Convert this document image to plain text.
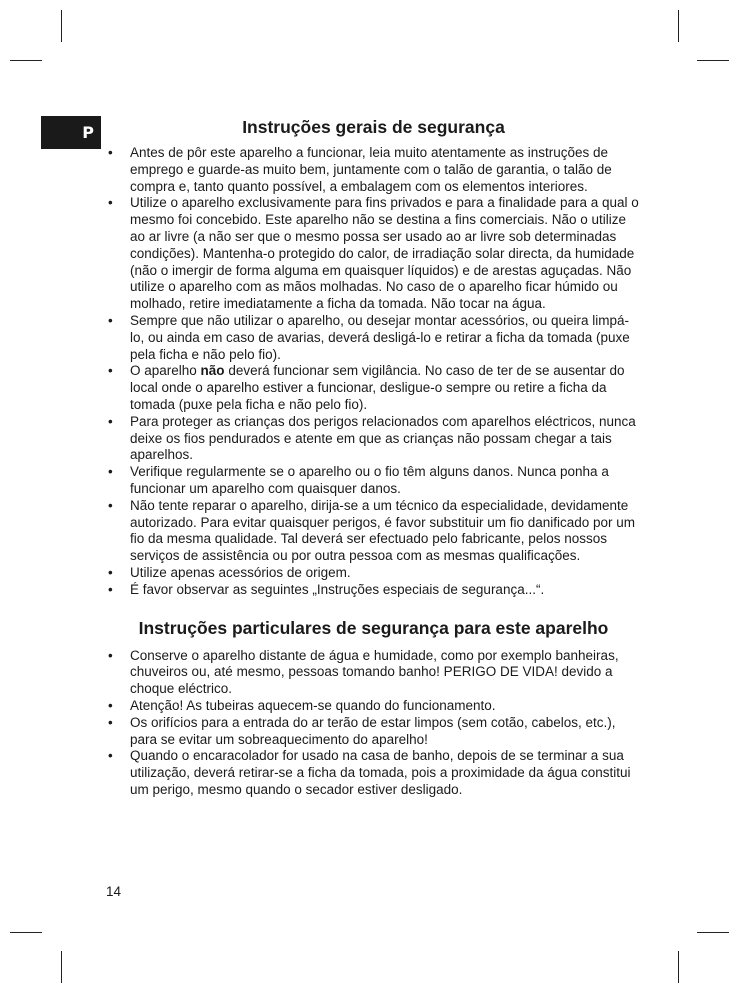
P	Instruções gerais de segurança
• Antes de pôr este aparelho a funcionar, leia muito atentamente as instruções de emprego e guarde-as muito bem, juntamente com o talão de garantia, o talão de compra e, tanto quanto possível, a embalagem com os elementos interiores.
• Utilize o aparelho exclusivamente para fins privados e para a finalidade para a qual o mesmo foi concebido. Este aparelho não se destina a fins comerciais. Não o utilize ao ar livre (a não ser que o mesmo possa ser usado ao ar livre sob determinadas condições). Mantenha-o protegido do calor, de irradiação solar directa, da humidade (não o imergir de forma alguma em quaisquer líquidos) e de arestas aguçadas. Não utilize o aparelho com as mãos molhadas. No caso de o aparelho ficar húmido ou molhado, retire imediatamente a ficha da tomada. Não tocar na água.
• Sempre que não utilizar o aparelho, ou desejar montar acessórios, ou queira limpá-lo, ou ainda em caso de avarias, deverá desligá-lo e retirar a ficha da tomada (puxe pela ficha e não pelo fio).
• O aparelho não deverá funcionar sem vigilância. No caso de ter de se ausentar do local onde o aparelho estiver a funcionar, desligue-o sempre ou retire a ficha da tomada (puxe pela ficha e não pelo fio).
• Para proteger as crianças dos perigos relacionados com aparelhos eléctricos, nunca deixe os fios pendurados e atente em que as crianças não possam chegar a tais aparelhos.
• Verifique regularmente se o aparelho ou o fio têm alguns danos. Nunca ponha a funcionar um aparelho com quaisquer danos.
• Não tente reparar o aparelho, dirija-se a um técnico da especialidade, devidamente autorizado. Para evitar quaisquer perigos, é favor substituir um fio danificado por um fio da mesma qualidade. Tal deverá ser efectuado pelo fabricante, pelos nossos serviços de assistência ou por outra pessoa com as mesmas qualificações.
• Utilize apenas acessórios de origem.
• É favor observar as seguintes „Instruções especiais de segurança...“.
Instruções particulares de segurança para este aparelho
• Conserve o aparelho distante de água e humidade, como por exemplo banheiras, chuveiros ou, até mesmo, pessoas tomando banho! PERIGO DE VIDA! devido a choque eléctrico.
• Atenção! As tubeiras aquecem-se quando do funcionamento.
• Os orifícios para a entrada do ar terão de estar limpos (sem cotão, cabelos, etc.), para se evitar um sobreaquecimento do aparelho!
• Quando o encaracolador for usado na casa de banho, depois de se terminar a sua utilização, deverá retirar-se a ficha da tomada, pois a proximidade da água constitui um perigo, mesmo quando o secador estiver desligado.
14
